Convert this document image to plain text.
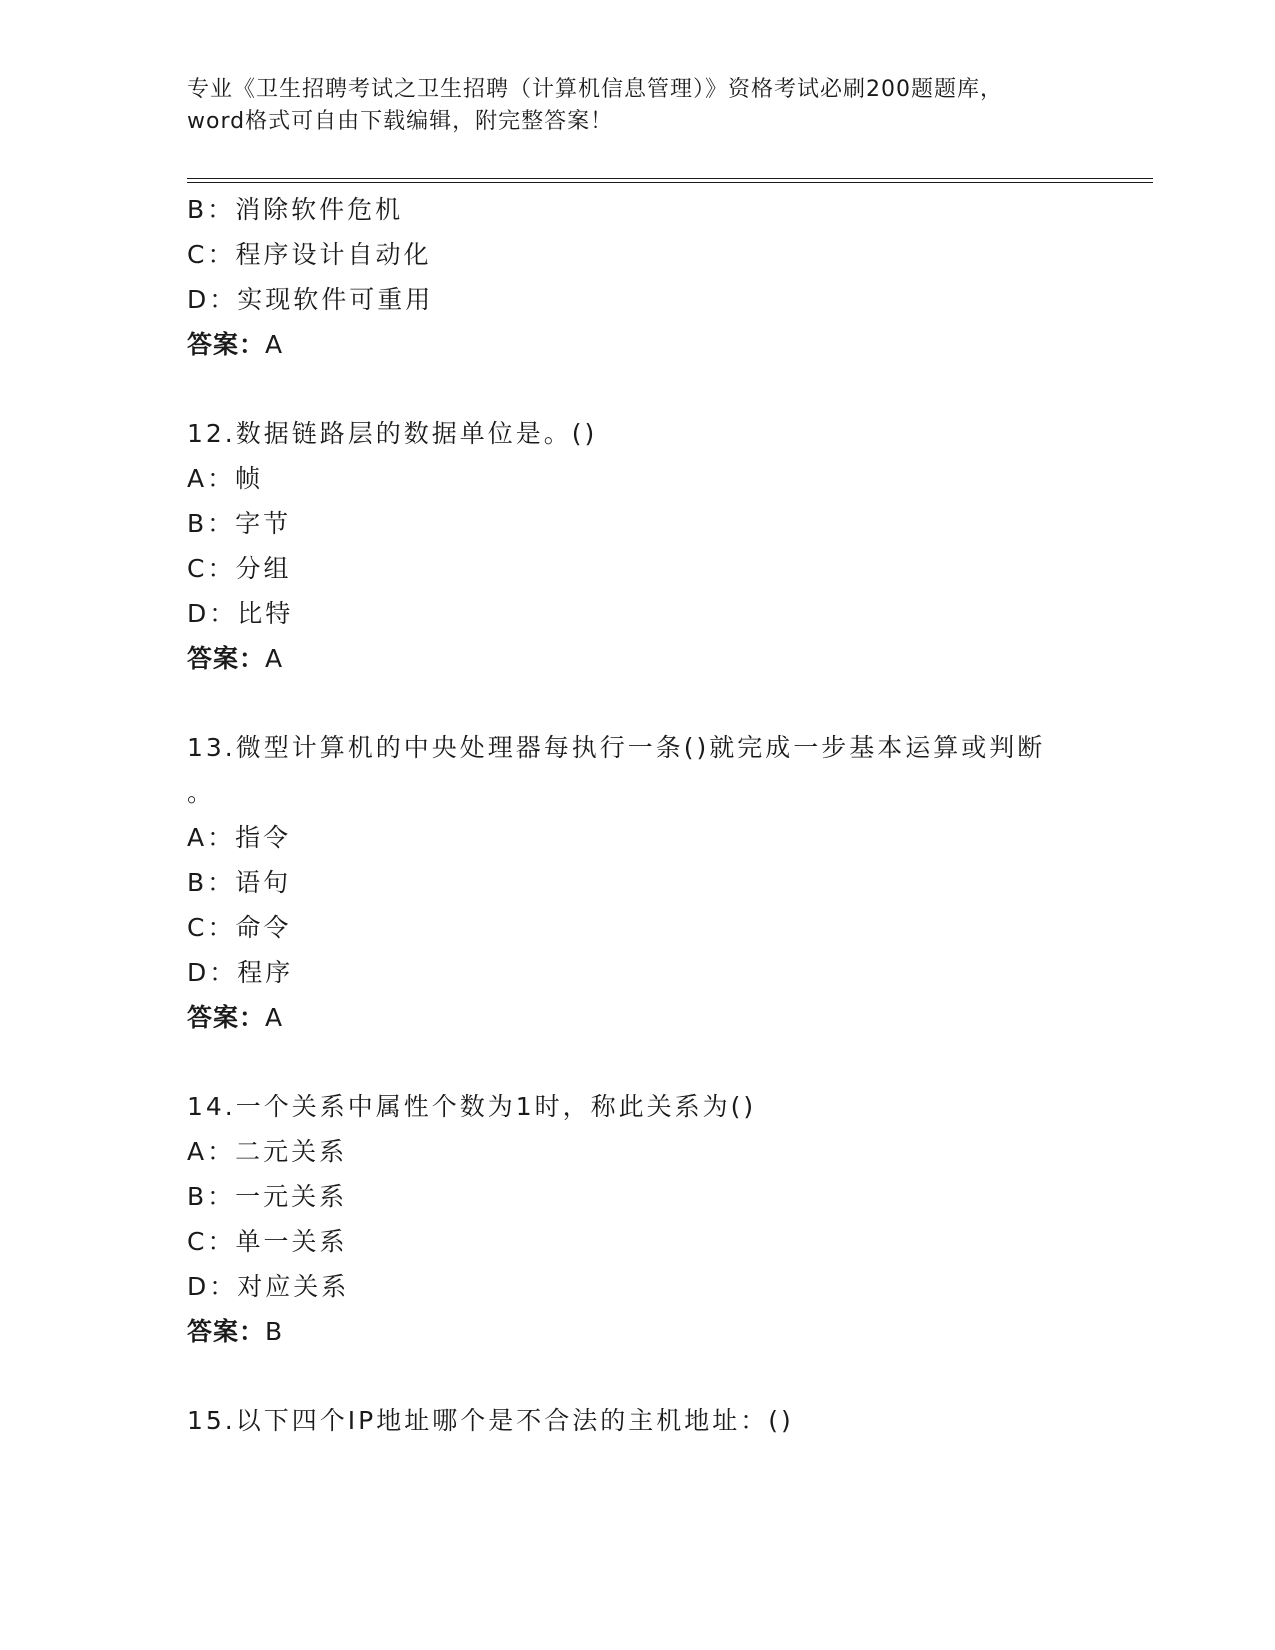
专业《卫生招聘考试之卫生招聘（计算机信息管理）》资格考试必刷200题题库，
word格式可自由下载编辑，附完整答案！
B：消除软件危机
C：程序设计自动化
D：实现软件可重用
答案：A
12.数据链路层的数据单位是。()
A：帧
B：字节
C：分组
D：比特
答案：A
13.微型计算机的中央处理器每执行一条()就完成一步基本运算或判断
。
A：指令
B：语句
C：命令
D：程序
答案：A
14.一个关系中属性个数为1时，称此关系为()
A：二元关系
B：一元关系
C：单一关系
D：对应关系
答案：B
15.以下四个IP地址哪个是不合法的主机地址：()
